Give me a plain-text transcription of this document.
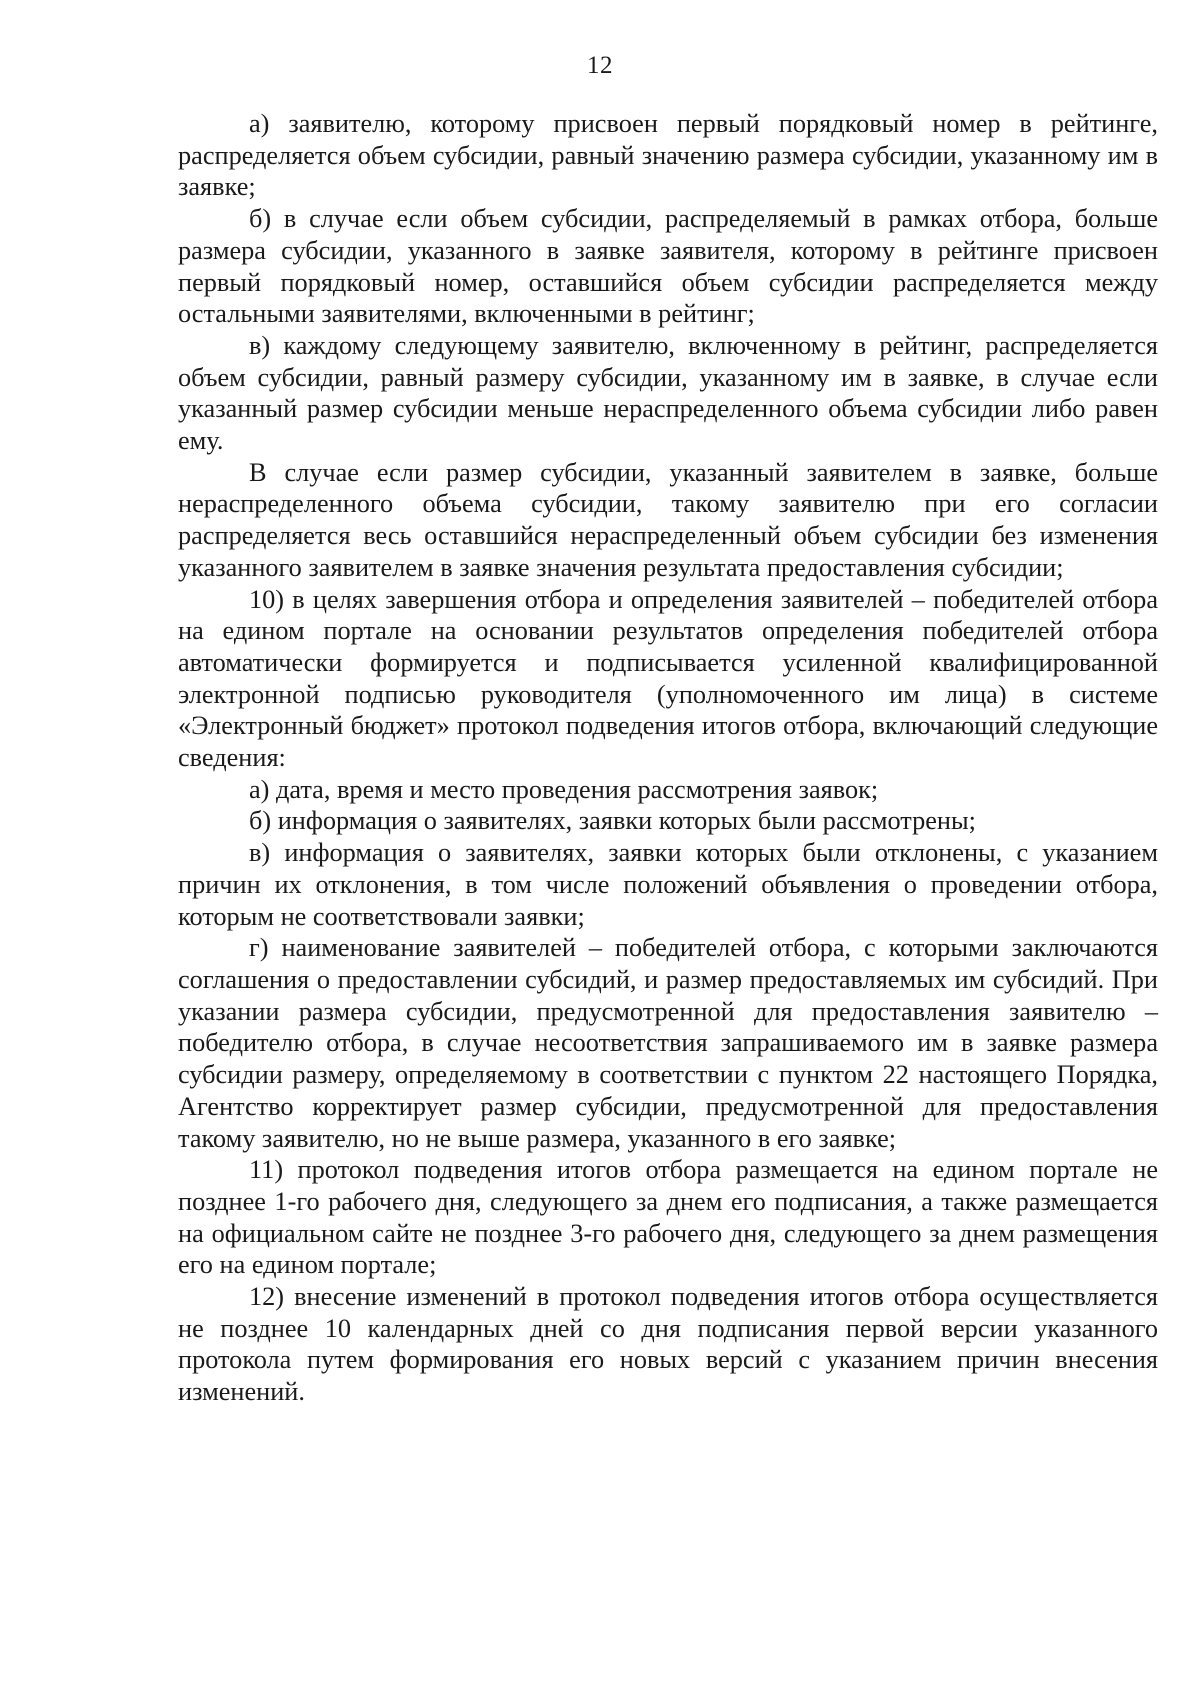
12

а) заявителю, которому присвоен первый порядковый номер в рейтинге, распределяется объем субсидии, равный значению размера субсидии, указанному им в заявке;

б) в случае если объем субсидии, распределяемый в рамках отбора, больше размера субсидии, указанного в заявке заявителя, которому в рейтинге присвоен первый порядковый номер, оставшийся объем субсидии распределяется между остальными заявителями, включенными в рейтинг;

в) каждому следующему заявителю, включенному в рейтинг, распределяется объем субсидии, равный размеру субсидии, указанному им в заявке, в случае если указанный размер субсидии меньше нераспределенного объема субсидии либо равен ему.

В случае если размер субсидии, указанный заявителем в заявке, больше нераспределенного объема субсидии, такому заявителю при его согласии распределяется весь оставшийся нераспределенный объем субсидии без изменения указанного заявителем в заявке значения результата предоставления субсидии;

10) в целях завершения отбора и определения заявителей – победителей отбора на едином портале на основании результатов определения победителей отбора автоматически формируется и подписывается усиленной квалифицированной электронной подписью руководителя (уполномоченного им лица) в системе «Электронный бюджет» протокол подведения итогов отбора, включающий следующие сведения:

а) дата, время и место проведения рассмотрения заявок;

б) информация о заявителях, заявки которых были рассмотрены;

в) информация о заявителях, заявки которых были отклонены, с указанием причин их отклонения, в том числе положений объявления о проведении отбора, которым не соответствовали заявки;

г) наименование заявителей – победителей отбора, с которыми заключаются соглашения о предоставлении субсидий, и размер предоставляемых им субсидий. При указании размера субсидии, предусмотренной для предоставления заявителю – победителю отбора, в случае несоответствия запрашиваемого им в заявке размера субсидии размеру, определяемому в соответствии с пунктом 22 настоящего Порядка, Агентство корректирует размер субсидии, предусмотренной для предоставления такому заявителю, но не выше размера, указанного в его заявке;

11) протокол подведения итогов отбора размещается на едином портале не позднее 1-го рабочего дня, следующего за днем его подписания, а также размещается на официальном сайте не позднее 3-го рабочего дня, следующего за днем размещения его на едином портале;

12) внесение изменений в протокол подведения итогов отбора осуществляется не позднее 10 календарных дней со дня подписания первой версии указанного протокола путем формирования его новых версий с указанием причин внесения изменений.
